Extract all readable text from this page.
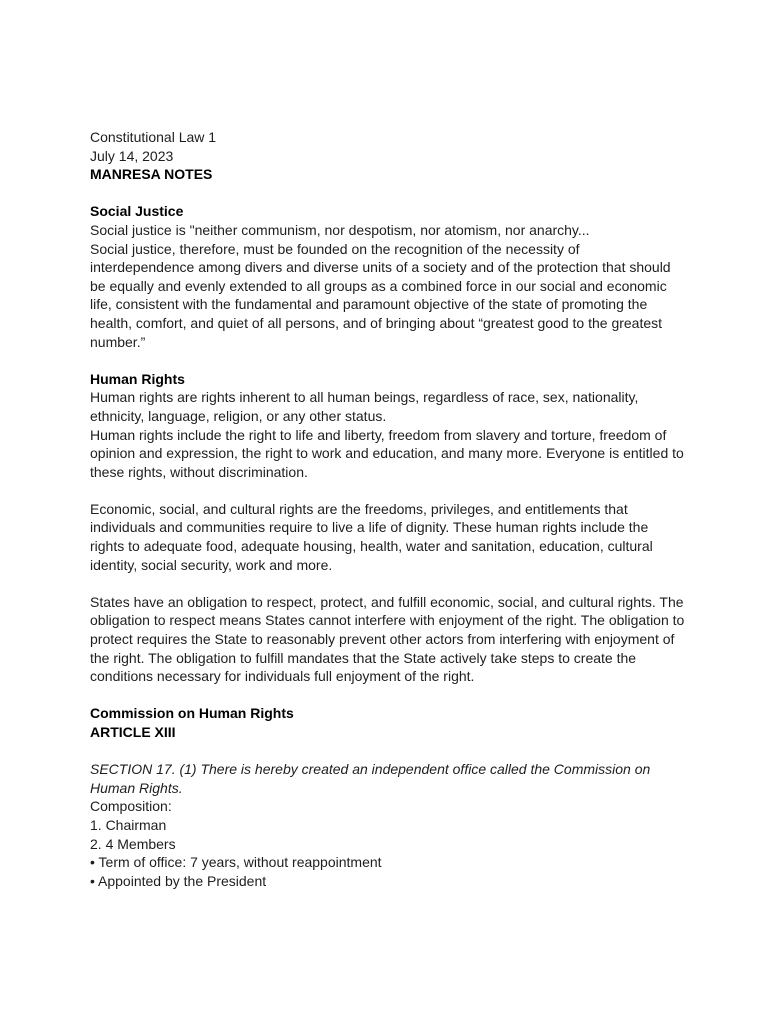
Constitutional Law 1
July 14, 2023
MANRESA NOTES
Social Justice
Social justice is "neither communism, nor despotism, nor atomism, nor anarchy...
Social justice, therefore, must be founded on the recognition of the necessity of
interdependence among divers and diverse units of a society and of the protection that should
be equally and evenly extended to all groups as a combined force in our social and economic
life, consistent with the fundamental and paramount objective of the state of promoting the
health, comfort, and quiet of all persons, and of bringing about “greatest good to the greatest
number.”
Human Rights
Human rights are rights inherent to all human beings, regardless of race, sex, nationality,
ethnicity, language, religion, or any other status.
Human rights include the right to life and liberty, freedom from slavery and torture, freedom of
opinion and expression, the right to work and education, and many more. Everyone is entitled to
these rights, without discrimination.
Economic, social, and cultural rights are the freedoms, privileges, and entitlements that
individuals and communities require to live a life of dignity. These human rights include the
rights to adequate food, adequate housing, health, water and sanitation, education, cultural
identity, social security, work and more.
States have an obligation to respect, protect, and fulfill economic, social, and cultural rights. The
obligation to respect means States cannot interfere with enjoyment of the right. The obligation to
protect requires the State to reasonably prevent other actors from interfering with enjoyment of
the right. The obligation to fulfill mandates that the State actively take steps to create the
conditions necessary for individuals full enjoyment of the right.
Commission on Human Rights
ARTICLE XIII
SECTION 17. (1) There is hereby created an independent office called the Commission on
Human Rights.
Composition:
1. Chairman
2. 4 Members
• Term of office: 7 years, without reappointment
• Appointed by the President
